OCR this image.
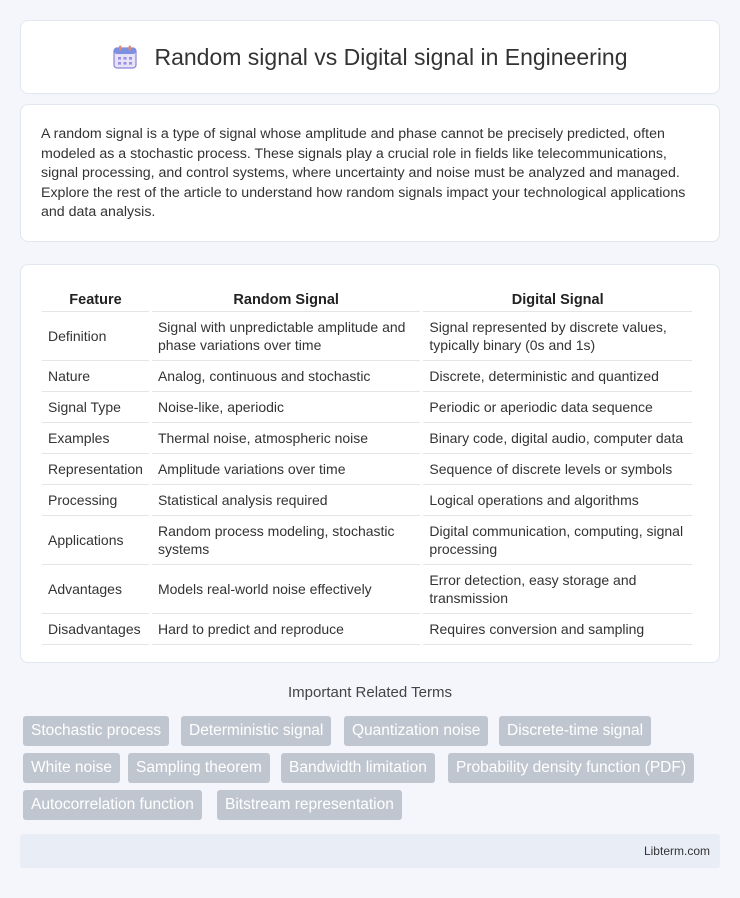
Random signal vs Digital signal in Engineering

A random signal is a type of signal whose amplitude and phase cannot be precisely predicted, often modeled as a stochastic process. These signals play a crucial role in fields like telecommunications, signal processing, and control systems, where uncertainty and noise must be analyzed and managed. Explore the rest of the article to understand how random signals impact your technological applications and data analysis.

Feature	Random Signal	Digital Signal
Definition	Signal with unpredictable amplitude and phase variations over time	Signal represented by discrete values, typically binary (0s and 1s)
Nature	Analog, continuous and stochastic	Discrete, deterministic and quantized
Signal Type	Noise-like, aperiodic	Periodic or aperiodic data sequence
Examples	Thermal noise, atmospheric noise	Binary code, digital audio, computer data
Representation	Amplitude variations over time	Sequence of discrete levels or symbols
Processing	Statistical analysis required	Logical operations and algorithms
Applications	Random process modeling, stochastic systems	Digital communication, computing, signal processing
Advantages	Models real-world noise effectively	Error detection, easy storage and transmission
Disadvantages	Hard to predict and reproduce	Requires conversion and sampling
Important Related Terms
Stochastic process	Deterministic signal	Quantization noise	Discrete-time signal
White noise	Sampling theorem	Bandwidth limitation	Probability density function (PDF)
Autocorrelation function	Bitstream representation
Libterm.com
